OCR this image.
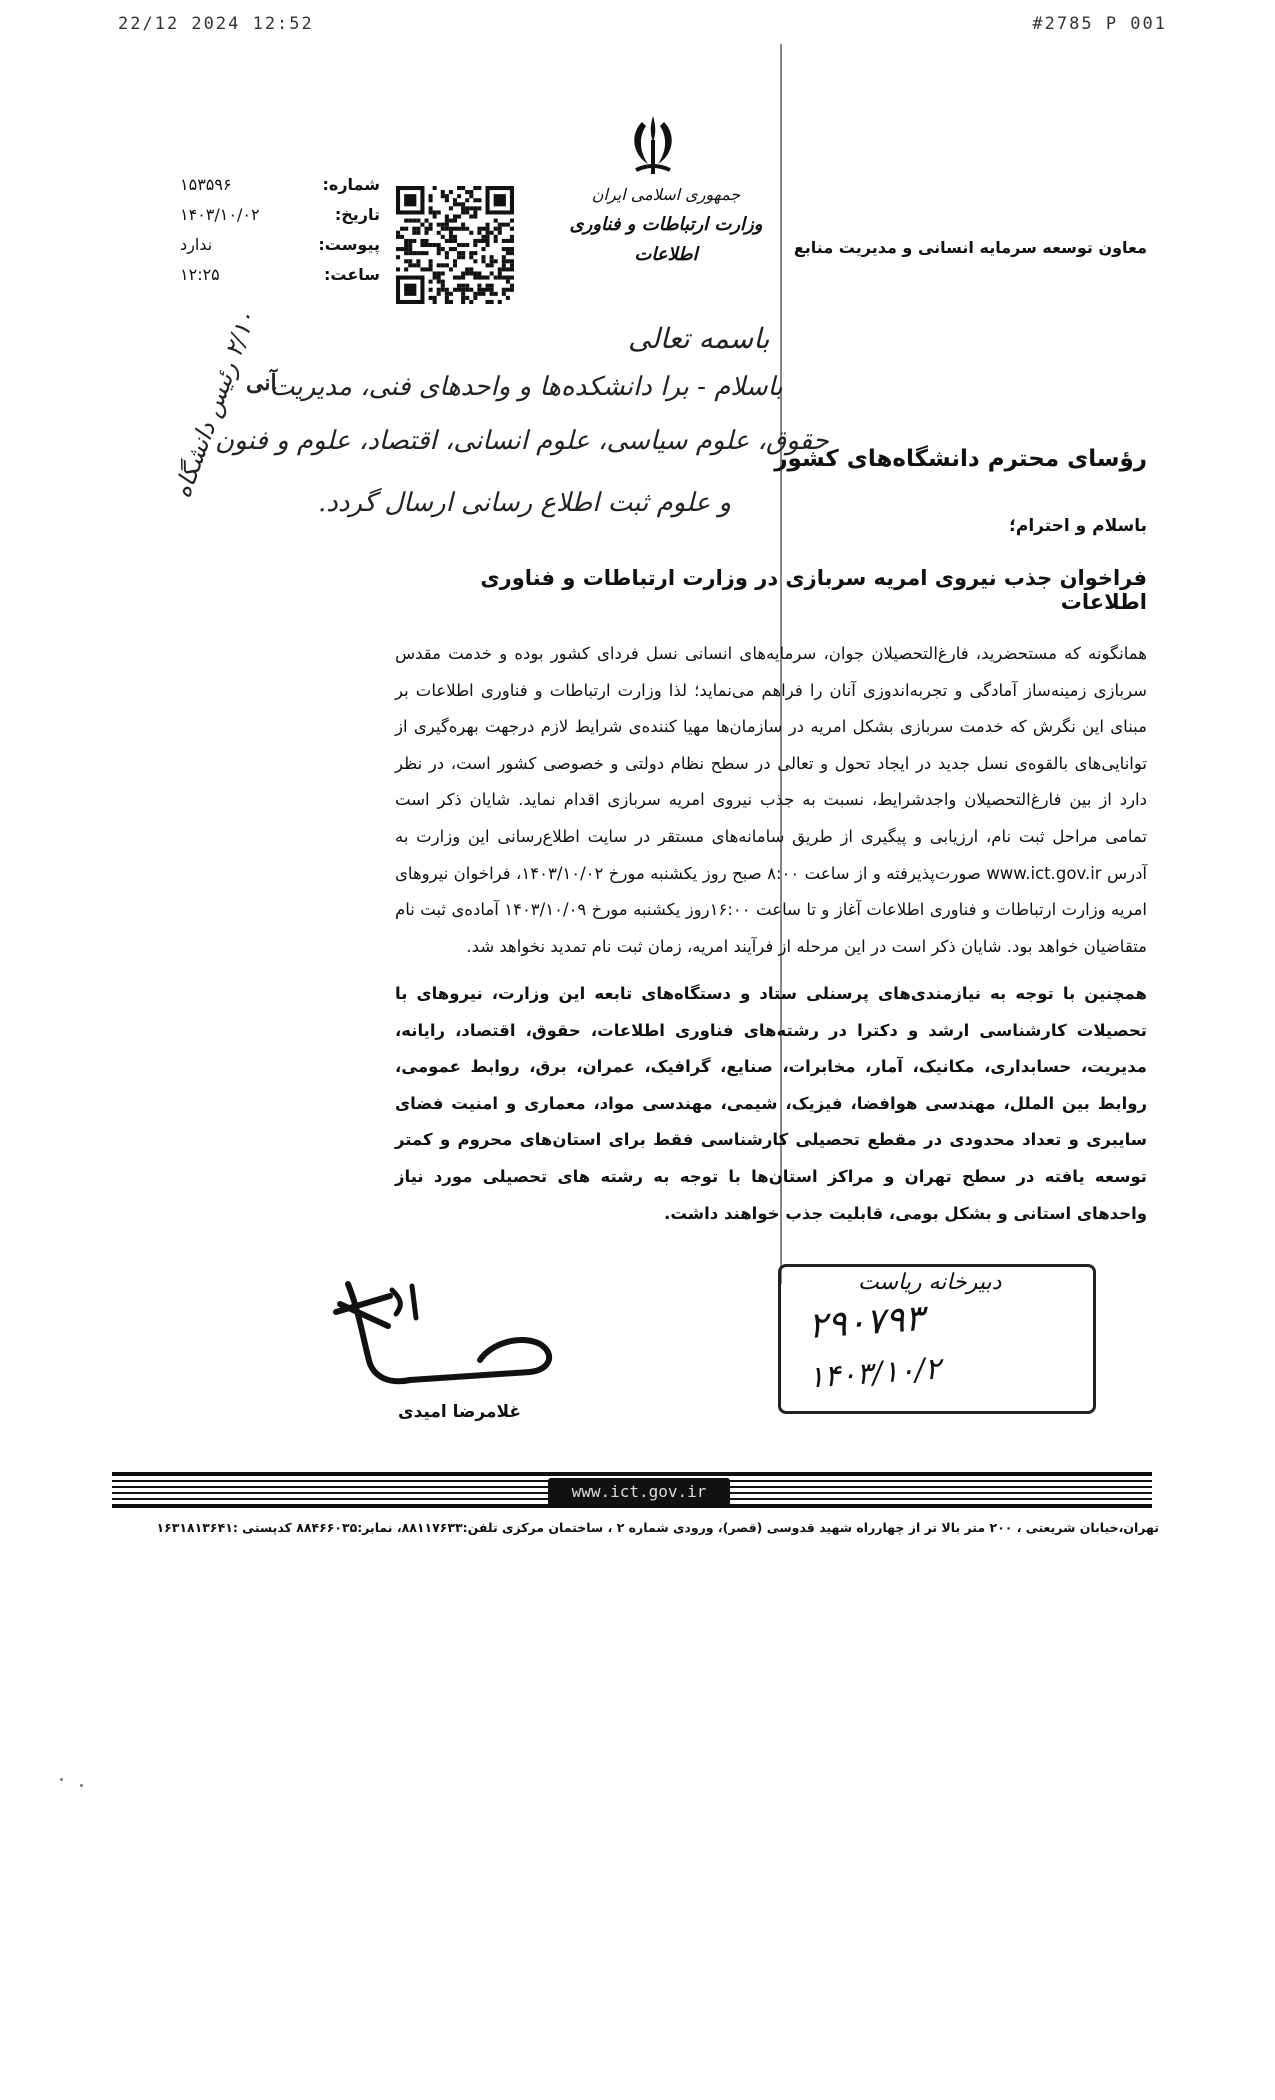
22/12 2024 12:52	#2785 P 001
جمهوری اسلامی ایران
وزارت ارتباطات و فناوری اطلاعات
شماره:
۱۵۳۵۹۶
تاریخ:
۱۴۰۳/۱۰/۰۲
پیوست:
ندارد
ساعت:
۱۲:۲۵
معاون توسعه سرمایه انسانی و مدیریت منابع
باسمه تعالی
باسلام - برا دانشکده‌ها و واحدهای فنی، مدیریت
آنی
حقوق، علوم سیاسی، علوم انسانی، اقتصاد، علوم و فنون
و علوم ثبت اطلاع رسانی ارسال گردد.
۲/۱۰ رئیس دانشگاه
رؤسای محترم دانشگاه‌های کشور
باسلام و احترام؛
فراخوان جذب نیروی امریه سربازی در وزارت ارتباطات و فناوری اطلاعات
همانگونه که مستحضرید، فارغ‌التحصیلان جوان، سرمایه‌های انسانی نسل فردای کشور بوده و خدمت مقدس سربازی زمینه‌ساز آمادگی و تجربه‌اندوزی آنان را فراهم می‌نماید؛ لذا وزارت ارتباطات و فناوری اطلاعات بر مبنای این نگرش که خدمت سربازی بشکل امریه در سازمان‌ها مهیا کننده‌ی شرایط لازم درجهت بهره‌گیری از توانایی‌های بالقوه‌ی نسل جدید در ایجاد تحول و تعالی در سطح نظام دولتی و خصوصی کشور است، در نظر دارد از بین فارغ‌التحصیلان واجدشرایط، نسبت به جذب نیروی امریه سربازی اقدام نماید. شایان ذکر است تمامی مراحل ثبت نام، ارزیابی و پیگیری از طریق سامانه‌های مستقر در سایت اطلاع‌رسانی این وزارت به آدرس www.ict.gov.ir صورت‌پذیرفته و از ساعت ۸:۰۰ صبح روز یکشنبه مورخ ۱۴۰۳/۱۰/۰۲، فراخوان نیروهای امریه وزارت ارتباطات و فناوری اطلاعات آغاز و تا ساعت ۱۶:۰۰روز یکشنبه مورخ ۱۴۰۳/۱۰/۰۹ آماده‌ی ثبت نام متقاضیان خواهد بود. شایان ذکر است در این مرحله از فرآیند امریه، زمان ثبت نام تمدید نخواهد شد.
همچنین با توجه به نیازمندی‌های پرسنلی ستاد و دستگاه‌های تابعه این وزارت، نیروهای با تحصیلات کارشناسی ارشد و دکترا در رشته‌های فناوری اطلاعات، حقوق، اقتصاد، رایانه، مدیریت، حسابداری، مکانیک، آمار، مخابرات، صنایع، گرافیک، عمران، برق، روابط عمومی، روابط بین الملل، مهندسی هوافضا، فیزیک، شیمی، مهندسی مواد، معماری و امنیت فضای سایبری و تعداد محدودی در مقطع تحصیلی کارشناسی فقط برای استان‌های محروم و کمتر توسعه یافته در سطح تهران و مراکز استان‌ها با توجه به رشته های تحصیلی مورد نیاز واحدهای استانی و بشکل بومی، قابلیت جذب خواهند داشت.
غلامرضا امیدی
دبیرخانه ریاست
۲۹۰۷۹۳
۱۴۰۳/۱۰/۲
www.ict.gov.ir
تهران،خیابان شریعتی ، ۲۰۰ متر بالا تر از چهارراه شهید قدوسی (قصر)، ورودی شماره ۲ ، ساختمان مرکزی تلفن:۸۸۱۱۷۶۳۳، نمابر:۸۸۴۶۶۰۳۵ کدپستی :۱۶۳۱۸۱۳۶۴۱
